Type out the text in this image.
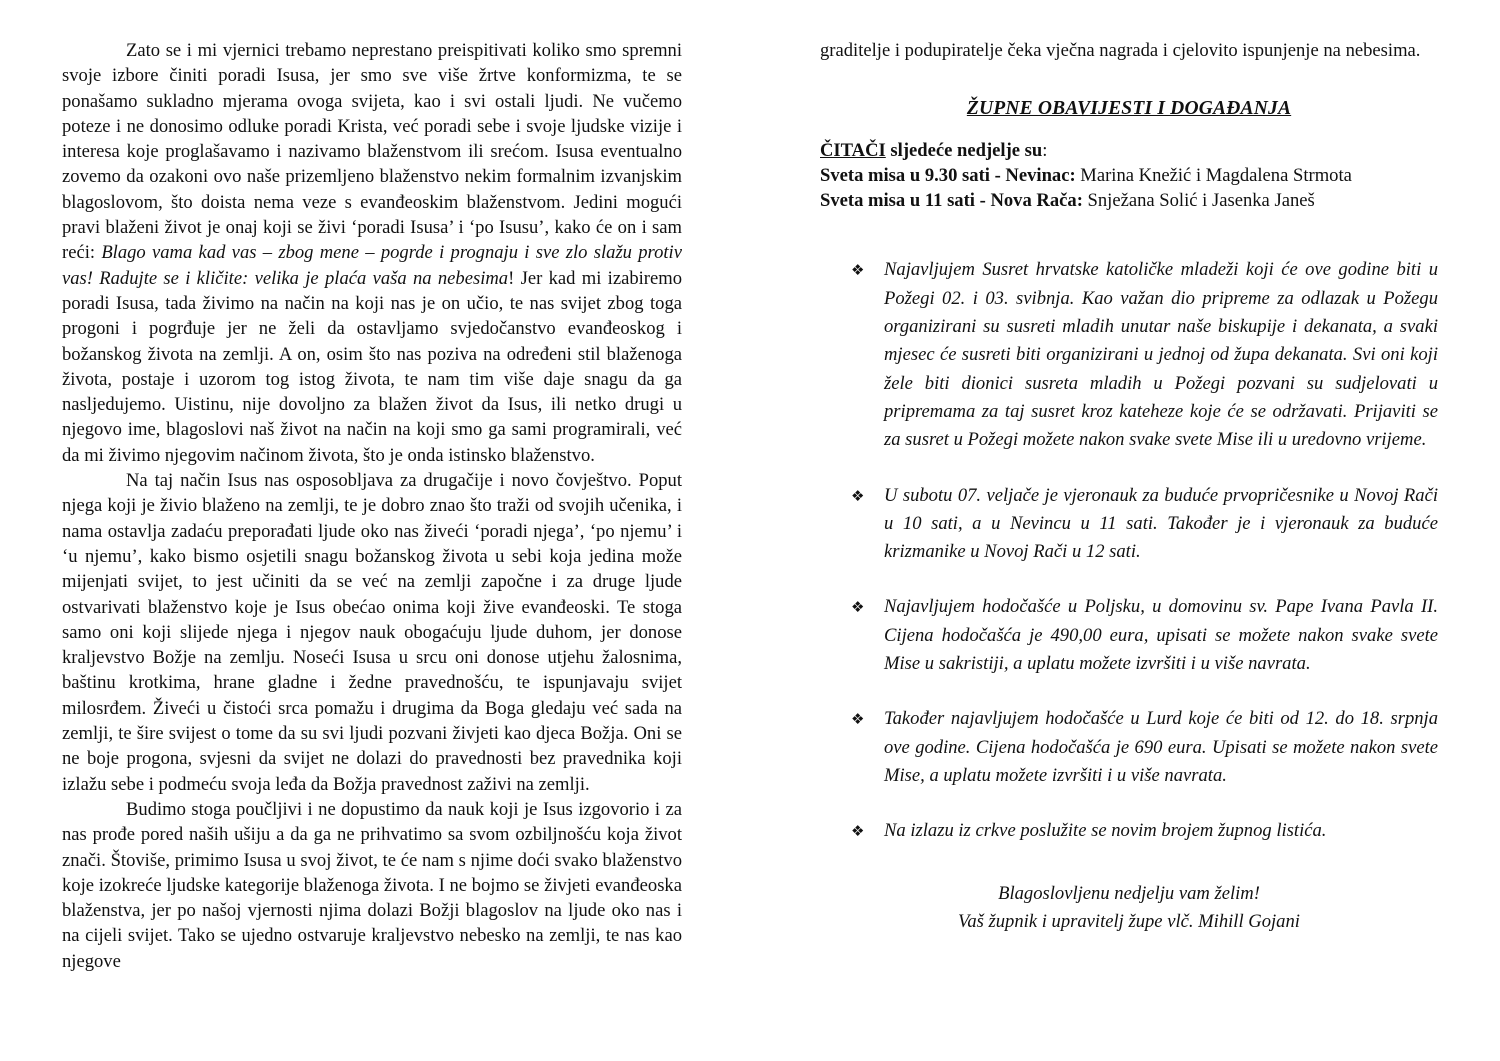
Zato se i mi vjernici trebamo neprestano preispitivati koliko smo spremni svoje izbore činiti poradi Isusa, jer smo sve više žrtve konformizma, te se ponašamo sukladno mjerama ovoga svijeta, kao i svi ostali ljudi. Ne vučemo poteze i ne donosimo odluke poradi Krista, već poradi sebe i svoje ljudske vizije i interesa koje proglašavamo i nazivamo blaženstvom ili srećom. Isusa eventualno zovemo da ozakoni ovo naše prizemljeno blaženstvo nekim formalnim izvanjskim blagoslovom, što doista nema veze s evanđeoskim blaženstvom. Jedini mogući pravi blaženi život je onaj koji se živi ‘poradi Isusa’ i ‘po Isusu’, kako će on i sam reći: Blago vama kad vas – zbog mene – pogrde i prognaju i sve zlo slažu protiv vas! Radujte se i kličite: velika je plaća vaša na nebesima! Jer kad mi izabiremo poradi Isusa, tada živimo na način na koji nas je on učio, te nas svijet zbog toga progoni i pogrđuje jer ne želi da ostavljamo svjedočanstvo evanđeoskog i božanskog života na zemlji. A on, osim što nas poziva na određeni stil blaženoga života, postaje i uzorom tog istog života, te nam tim više daje snagu da ga nasljedujemo. Uistinu, nije dovoljno za blažen život da Isus, ili netko drugi u njegovo ime, blagoslovi naš život na način na koji smo ga sami programirali, već da mi živimo njegovim načinom života, što je onda istinsko blaženstvo.

Na taj način Isus nas osposobljava za drugačije i novo čovještvo. Poput njega koji je živio blaženo na zemlji, te je dobro znao što traži od svojih učenika, i nama ostavlja zadaću preporađati ljude oko nas živeći ‘poradi njega’, ‘po njemu’ i ‘u njemu’, kako bismo osjetili snagu božanskog života u sebi koja jedina može mijenjati svijet, to jest učiniti da se već na zemlji započne i za druge ljude ostvarivati blaženstvo koje je Isus obećao onima koji žive evanđeoski. Te stoga samo oni koji slijede njega i njegov nauk obogaćuju ljude duhom, jer donose kraljevstvo Božje na zemlju. Noseći Isusa u srcu oni donose utjehu žalosnima, baštinu krotkima, hrane gladne i žedne pravednošću, te ispunjavaju svijet milosrđem. Živeći u čistoći srca pomažu i drugima da Boga gledaju već sada na zemlji, te šire svijest o tome da su svi ljudi pozvani živjeti kao djeca Božja. Oni se ne boje progona, svjesni da svijet ne dolazi do pravednosti bez pravednika koji izlažu sebe i podmeću svoja leđa da Božja pravednost zaživi na zemlji.

Budimo stoga poučljivi i ne dopustimo da nauk koji je Isus izgovorio i za nas prođe pored naših ušiju a da ga ne prihvatimo sa svom ozbiljnošću koja život znači. Štoviše, primimo Isusa u svoj život, te će nam s njime doći svako blaženstvo koje izokreće ljudske kategorije blaženoga života. I ne bojmo se živjeti evanđeoska blaženstva, jer po našoj vjernosti njima dolazi Božji blagoslov na ljude oko nas i na cijeli svijet. Tako se ujedno ostvaruje kraljevstvo nebesko na zemlji, te nas kao njegove

graditelje i podupiratelje čeka vječna nagrada i cjelovito ispunjenje na nebesima.

ŽUPNE OBAVIJESTI I DOGAĐANJA

ČITAČI sljedeće nedjelje su:

Sveta misa u 9.30 sati - Nevinac: Marina Knežić i Magdalena Strmota

Sveta misa u 11 sati - Nova Rača: Snježana Solić i Jasenka Janeš

❖ Najavljujem Susret hrvatske katoličke mladeži koji će ove godine biti u Požegi 02. i 03. svibnja. Kao važan dio pripreme za odlazak u Požegu organizirani su susreti mladih unutar naše biskupije i dekanata, a svaki mjesec će susreti biti organizirani u jednoj od župa dekanata. Svi oni koji žele biti dionici susreta mladih u Požegi pozvani su sudjelovati u pripremama za taj susret kroz kateheze koje će se održavati. Prijaviti se za susret u Požegi možete nakon svake svete Mise ili u uredovno vrijeme.
❖ U subotu 07. veljače je vjeronauk za buduće prvopričesnike u Novoj Rači u 10 sati, a u Nevincu u 11 sati. Također je i vjeronauk za buduće krizmanike u Novoj Rači u 12 sati.
❖ Najavljujem hodočašće u Poljsku, u domovinu sv. Pape Ivana Pavla II. Cijena hodočašća je 490,00 eura, upisati se možete nakon svake svete Mise u sakristiji, a uplatu možete izvršiti i u više navrata.
❖ Također najavljujem hodočašće u Lurd koje će biti od 12. do 18. srpnja ove godine. Cijena hodočašća je 690 eura. Upisati se možete nakon svete Mise, a uplatu možete izvršiti i u više navrata.
❖ Na izlazu iz crkve poslužite se novim brojem župnog listića.

Blagoslovljenu nedjelju vam želim!

Vaš župnik i upravitelj župe vlč. Mihill Gojani
